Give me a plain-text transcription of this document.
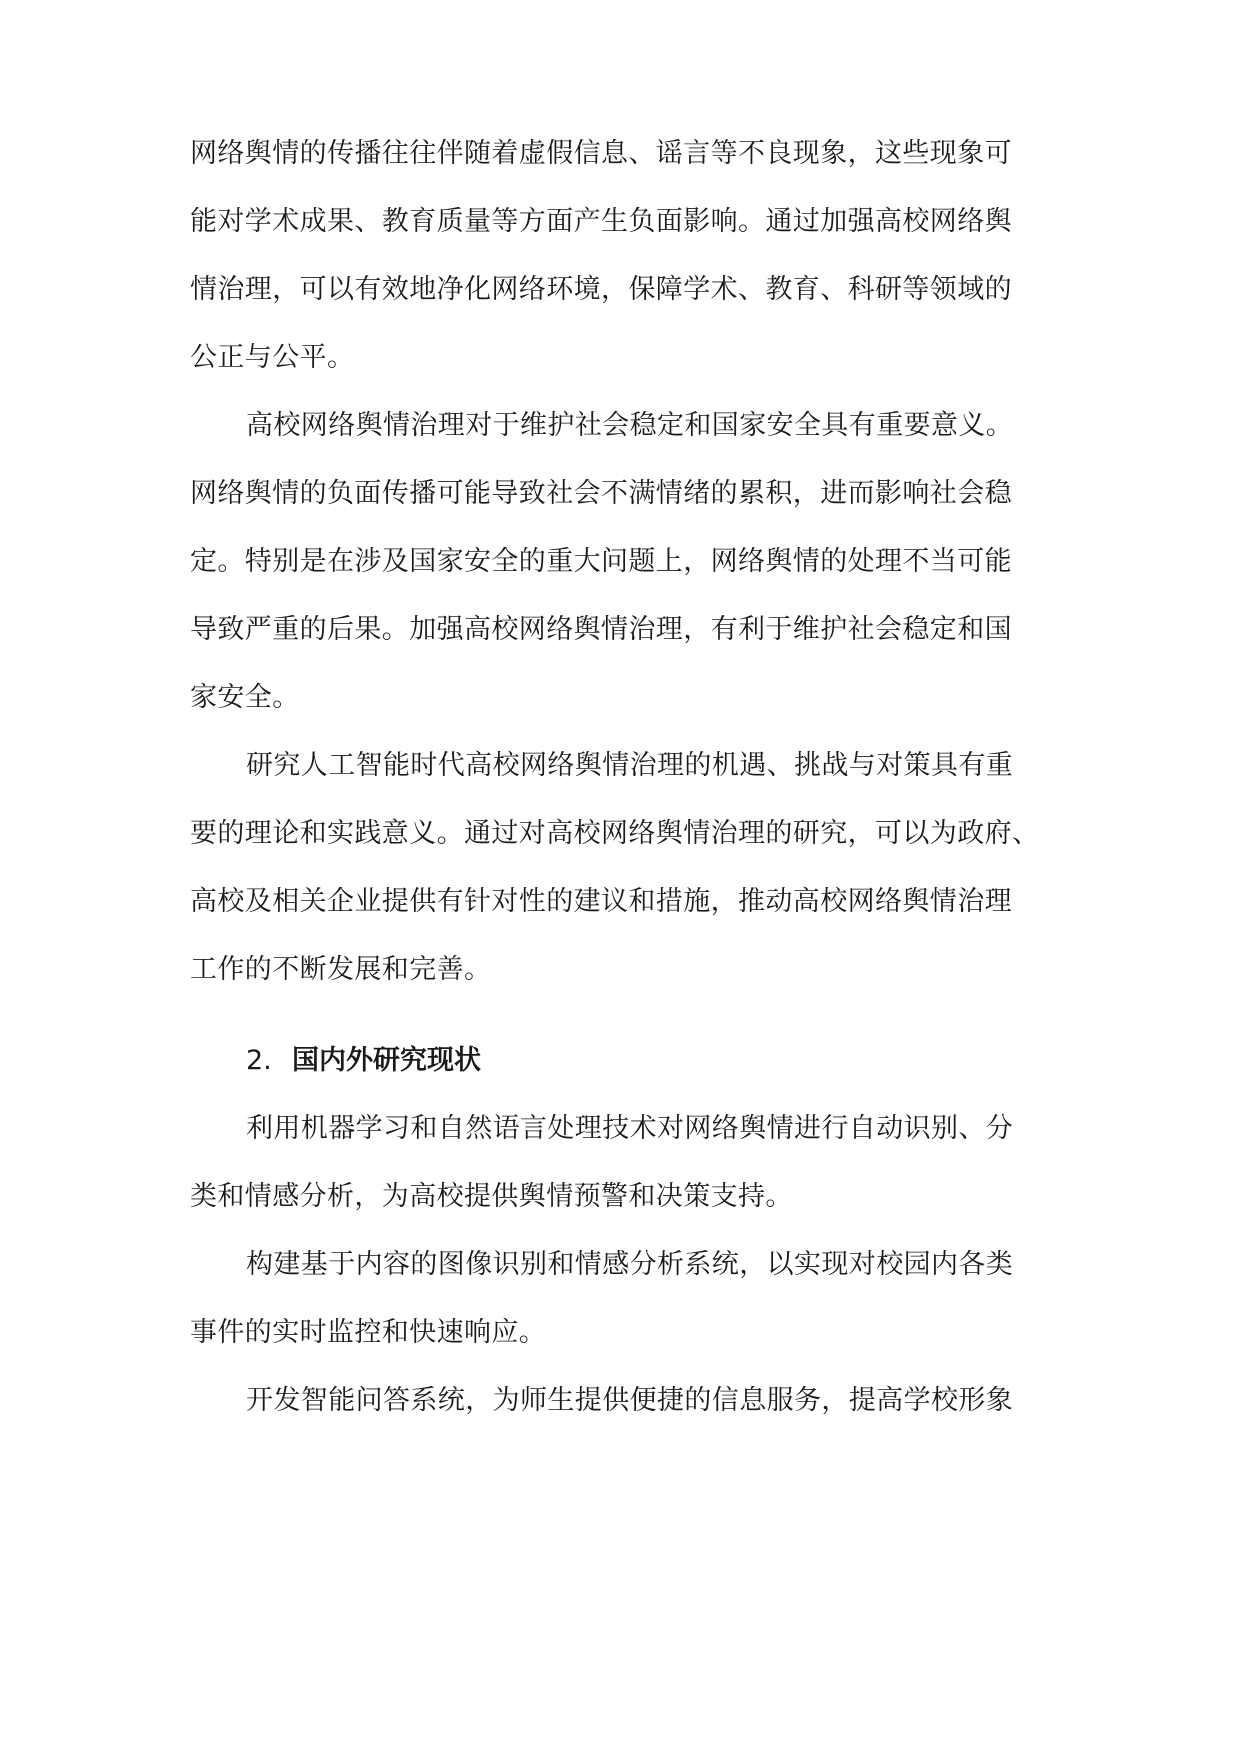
网络舆情的传播往往伴随着虚假信息、谣言等不良现象，这些现象可
能对学术成果、教育质量等方面产生负面影响。通过加强高校网络舆
情治理，可以有效地净化网络环境，保障学术、教育、科研等领域的
公正与公平。
高校网络舆情治理对于维护社会稳定和国家安全具有重要意义。
网络舆情的负面传播可能导致社会不满情绪的累积，进而影响社会稳
定。特别是在涉及国家安全的重大问题上，网络舆情的处理不当可能
导致严重的后果。加强高校网络舆情治理，有利于维护社会稳定和国
家安全。
研究人工智能时代高校网络舆情治理的机遇、挑战与对策具有重
要的理论和实践意义。通过对高校网络舆情治理的研究，可以为政府、
高校及相关企业提供有针对性的建议和措施，推动高校网络舆情治理
工作的不断发展和完善。
2. 国内外研究现状
利用机器学习和自然语言处理技术对网络舆情进行自动识别、分
类和情感分析，为高校提供舆情预警和决策支持。
构建基于内容的图像识别和情感分析系统，以实现对校园内各类
事件的实时监控和快速响应。
开发智能问答系统，为师生提供便捷的信息服务，提高学校形象
